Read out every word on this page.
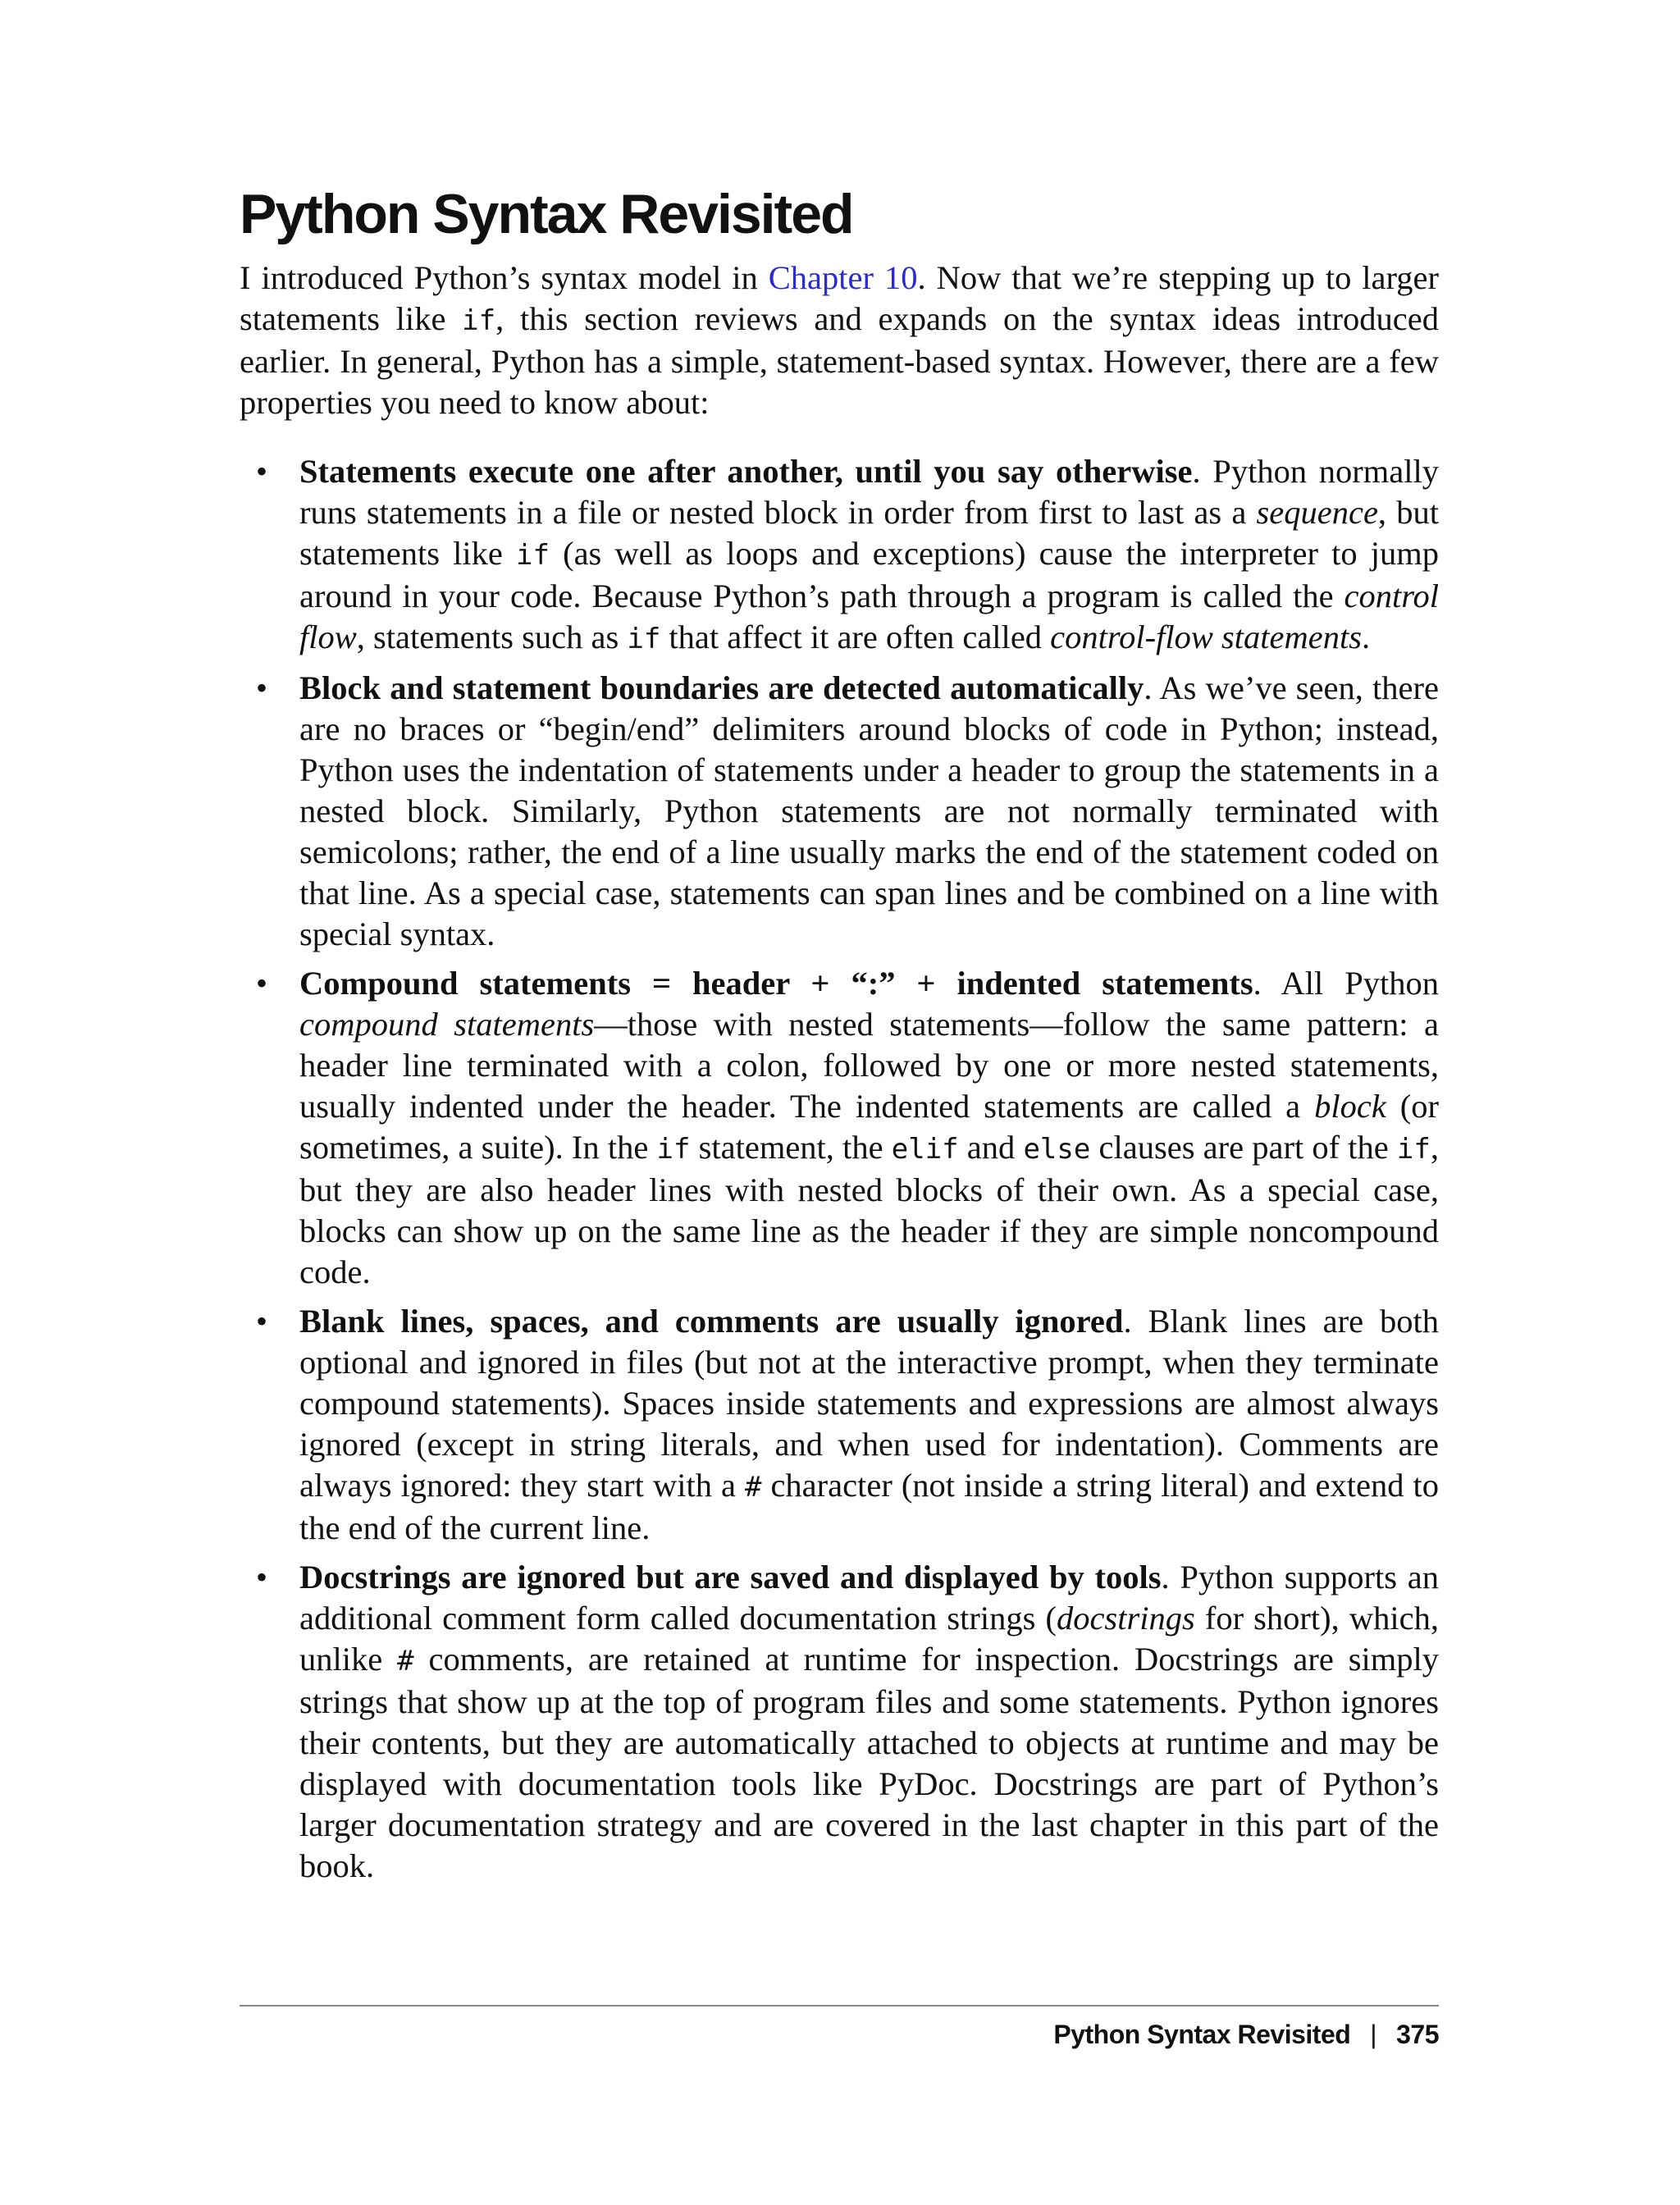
Python Syntax Revisited

I introduced Python’s syntax model in Chapter 10. Now that we’re stepping up to larger statements like if, this section reviews and expands on the syntax ideas introduced earlier. In general, Python has a simple, statement-based syntax. However, there are a few properties you need to know about:

• Statements execute one after another, until you say otherwise. Python normally runs statements in a file or nested block in order from first to last as a sequence, but statements like if (as well as loops and exceptions) cause the interpreter to jump around in your code. Because Python’s path through a program is called the control flow, statements such as if that affect it are often called control-flow statements.

• Block and statement boundaries are detected automatically. As we’ve seen, there are no braces or “begin/end” delimiters around blocks of code in Python; instead, Python uses the indentation of statements under a header to group the statements in a nested block. Similarly, Python statements are not normally terminated with semicolons; rather, the end of a line usually marks the end of the statement coded on that line. As a special case, statements can span lines and be combined on a line with special syntax.

• Compound statements = header + “:” + indented statements. All Python compound statements—those with nested statements—follow the same pattern: a header line terminated with a colon, followed by one or more nested statements, usually indented under the header. The indented statements are called a block (or sometimes, a suite). In the if statement, the elif and else clauses are part of the if, but they are also header lines with nested blocks of their own. As a special case, blocks can show up on the same line as the header if they are simple noncompound code.

• Blank lines, spaces, and comments are usually ignored. Blank lines are both optional and ignored in files (but not at the interactive prompt, when they terminate compound statements). Spaces inside statements and expressions are almost always ignored (except in string literals, and when used for indentation). Comments are always ignored: they start with a # character (not inside a string literal) and extend to the end of the current line.

• Docstrings are ignored but are saved and displayed by tools. Python supports an additional comment form called documentation strings (docstrings for short), which, unlike # comments, are retained at runtime for inspection. Docstrings are simply strings that show up at the top of program files and some statements. Python ignores their contents, but they are automatically attached to objects at runtime and may be displayed with documentation tools like PyDoc. Docstrings are part of Python’s larger documentation strategy and are covered in the last chapter in this part of the book.

Python Syntax Revisited | 375
